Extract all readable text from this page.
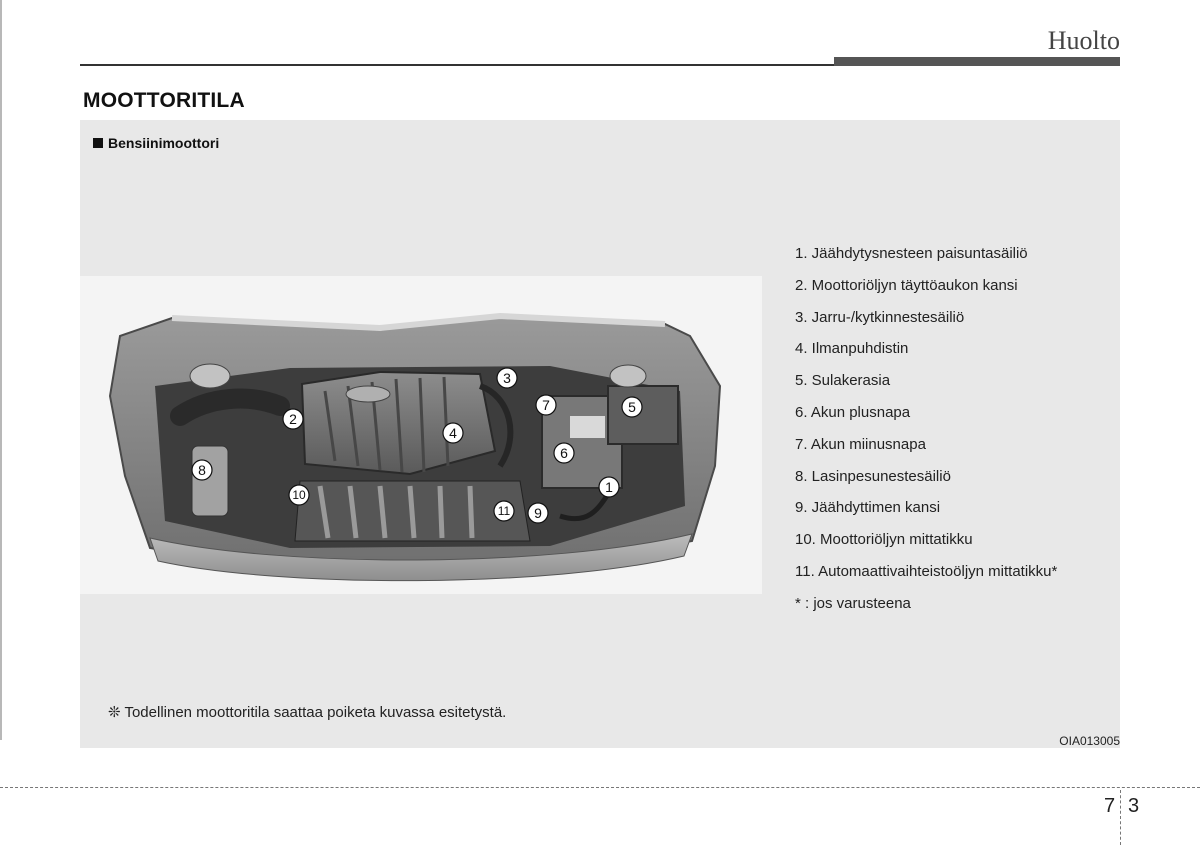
Huolto
MOOTTORITILA
Bensiinimoottori
1
2
3
4
5
6
7
8
9
10
11
1. Jäähdytysnesteen paisuntasäiliö
2. Moottoriöljyn täyttöaukon kansi
3. Jarru-/kytkinnestesäiliö
4. Ilmanpuhdistin
5. Sulakerasia
6. Akun plusnapa
7. Akun miinusnapa
8. Lasinpesunestesäiliö
9. Jäähdyttimen kansi
10. Moottoriöljyn mittatikku
11. Automaattivaihteistoöljyn mittatikku*
* : jos varusteena
❊ Todellinen moottoritila saattaa poiketa kuvassa esitetystä.
OIA013005
7 3
